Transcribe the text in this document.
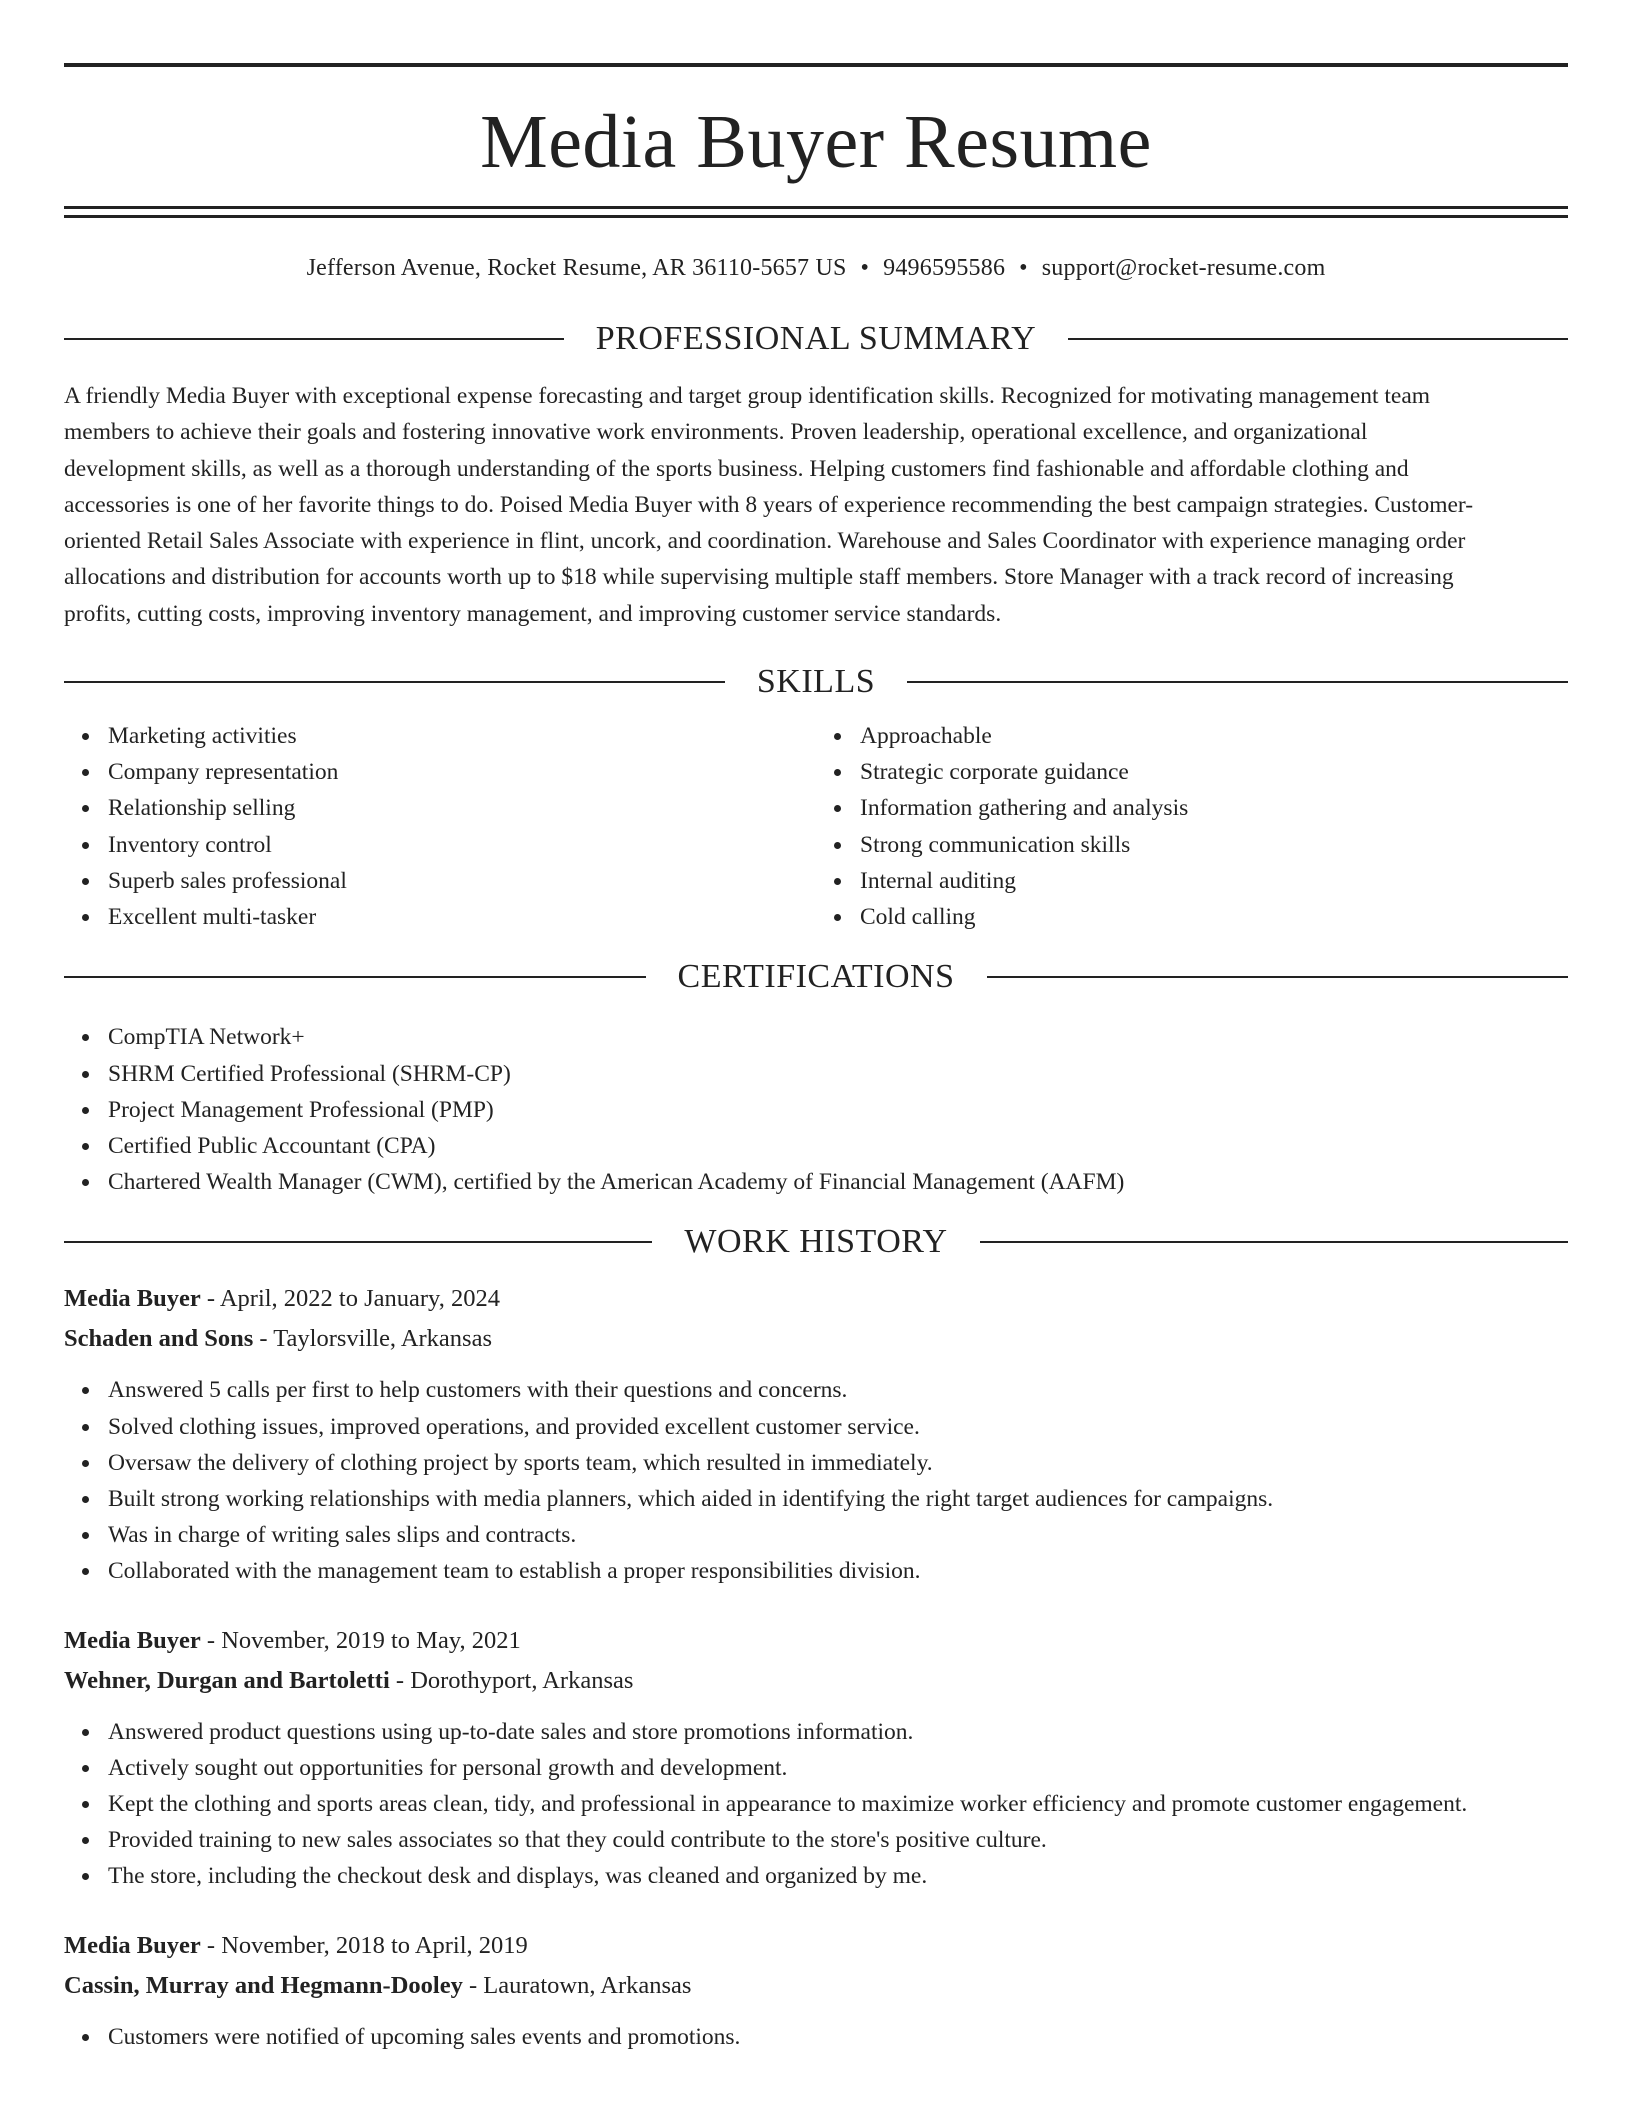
Media Buyer Resume
Jefferson Avenue, Rocket Resume, AR 36110-5657 US • 9496595586 • support@rocket-resume.com
PROFESSIONAL SUMMARY
A friendly Media Buyer with exceptional expense forecasting and target group identification skills. Recognized for motivating management team
members to achieve their goals and fostering innovative work environments. Proven leadership, operational excellence, and organizational
development skills, as well as a thorough understanding of the sports business. Helping customers find fashionable and affordable clothing and
accessories is one of her favorite things to do. Poised Media Buyer with 8 years of experience recommending the best campaign strategies. Customer-
oriented Retail Sales Associate with experience in flint, uncork, and coordination. Warehouse and Sales Coordinator with experience managing order
allocations and distribution for accounts worth up to $18 while supervising multiple staff members. Store Manager with a track record of increasing
profits, cutting costs, improving inventory management, and improving customer service standards.
SKILLS
Marketing activities
Company representation
Relationship selling
Inventory control
Superb sales professional
Excellent multi-tasker
Approachable
Strategic corporate guidance
Information gathering and analysis
Strong communication skills
Internal auditing
Cold calling
CERTIFICATIONS
CompTIA Network+
SHRM Certified Professional (SHRM-CP)
Project Management Professional (PMP)
Certified Public Accountant (CPA)
Chartered Wealth Manager (CWM), certified by the American Academy of Financial Management (AAFM)
WORK HISTORY
Media Buyer - April, 2022 to January, 2024
Schaden and Sons - Taylorsville, Arkansas
Answered 5 calls per first to help customers with their questions and concerns.
Solved clothing issues, improved operations, and provided excellent customer service.
Oversaw the delivery of clothing project by sports team, which resulted in immediately.
Built strong working relationships with media planners, which aided in identifying the right target audiences for campaigns.
Was in charge of writing sales slips and contracts.
Collaborated with the management team to establish a proper responsibilities division.
Media Buyer - November, 2019 to May, 2021
Wehner, Durgan and Bartoletti - Dorothyport, Arkansas
Answered product questions using up-to-date sales and store promotions information.
Actively sought out opportunities for personal growth and development.
Kept the clothing and sports areas clean, tidy, and professional in appearance to maximize worker efficiency and promote customer engagement.
Provided training to new sales associates so that they could contribute to the store's positive culture.
The store, including the checkout desk and displays, was cleaned and organized by me.
Media Buyer - November, 2018 to April, 2019
Cassin, Murray and Hegmann-Dooley - Lauratown, Arkansas
Customers were notified of upcoming sales events and promotions.
